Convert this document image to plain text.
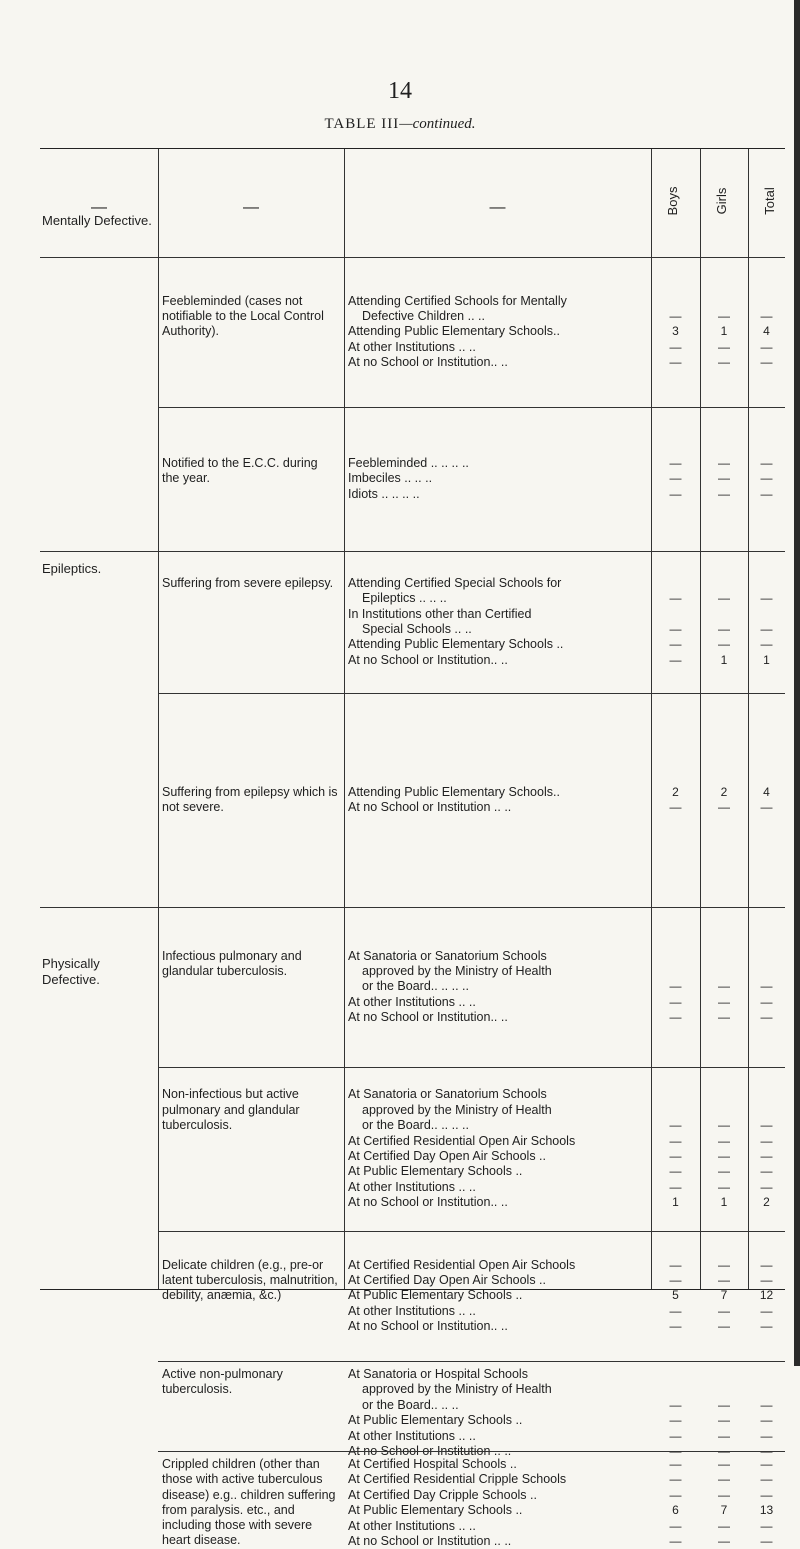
14
TABLE III—continued.
—	—	—	Boys	Girls	Total
Mentally Defective.
Feebleminded (cases not notifiable to the Local Control Authority).
Attending Certified Schools for Mentally
Defective Children .. ..	—	—	—
Attending Public Elementary Schools..	3	1	4
At other Institutions .. ..	—	—	—
At no School or Institution.. ..	—	—	—
Notified to the E.C.C. during the year.
Feebleminded .. .. .. ..	—	—	—
Imbeciles .. .. ..	—	—	—
Idiots .. .. .. ..	—	—	—
Epileptics.
Suffering from severe epilepsy.	Attending Certified Special Schools for
Epileptics .. .. ..	—	—	—
In Institutions other than Certified
Special Schools .. ..	—	—	—
Attending Public Elementary Schools ..	—	—	—
At no School or Institution.. ..	—	1	1
Suffering from epilepsy which is not severe.
Attending Public Elementary Schools..	2	2	4
At no School or Institution .. ..	—	—	—
Physically Defective.
Infectious pulmonary and glandular tuberculosis.
At Sanatoria or Sanatorium Schools
approved by the Ministry of Health
or the Board.. .. .. ..	—	—	—
At other Institutions .. ..	—	—	—
At no School or Institution.. ..	—	—	—
Non-infectious but active pulmonary and glandular tuberculosis.
At Sanatoria or Sanatorium Schools
approved by the Ministry of Health
or the Board.. .. .. ..	—	—	—
At Certified Residential Open Air Schools	—	—	—
At Certified Day Open Air Schools ..	—	—	—
At Public Elementary Schools ..	—	—	—
At other Institutions .. ..	—	—	—
At no School or Institution.. ..	1	1	2
Delicate children (e.g., pre-or latent tuberculosis, malnutrition, debility, anæmia, &c.)
At Certified Residential Open Air Schools	—	—	—
At Certified Day Open Air Schools ..	—	—	—
At Public Elementary Schools ..	5	7	12
At other Institutions .. ..	—	—	—
At no School or Institution.. ..	—	—	—
Active non-pulmonary tuberculosis.
At Sanatoria or Hospital Schools
approved by the Ministry of Health
or the Board.. .. ..	—	—	—
At Public Elementary Schools ..	—	—	—
At other Institutions .. ..	—	—	—
At no School or Institution .. ..	—	—	—
Crippled children (other than those with active tuberculous disease) e.g.. children suffering from paralysis. etc., and including those with severe heart disease.
At Certified Hospital Schools ..	—	—	—
At Certified Residential Cripple Schools	—	—	—
At Certified Day Cripple Schools ..	—	—	—
At Public Elementary Schools ..	6	7	13
At other Institutions .. ..	—	—	—
At no School or Institution .. ..	—	—	—
